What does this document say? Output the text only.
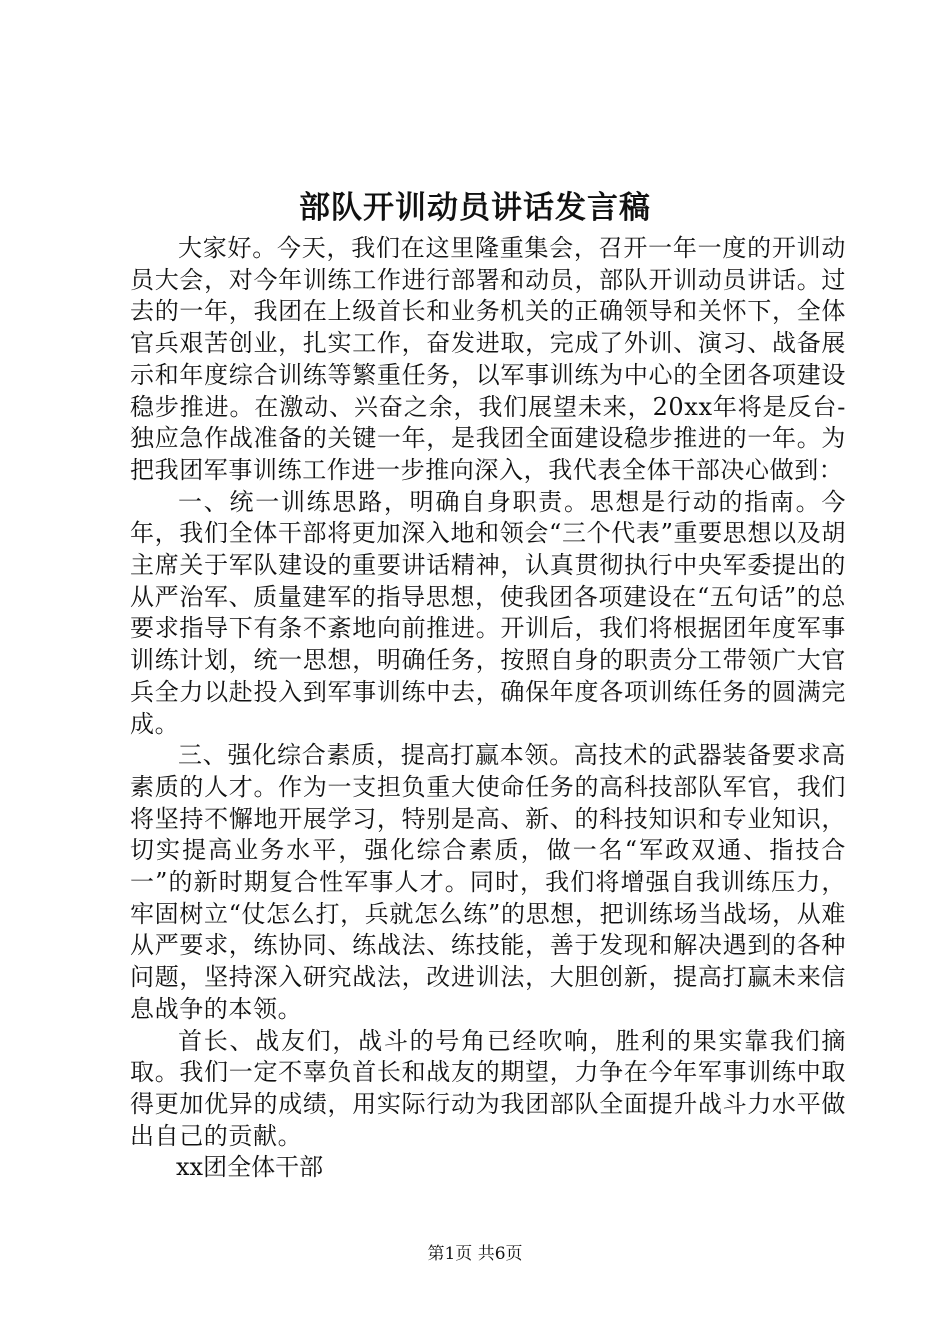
部队开训动员讲话发言稿

大家好。今天，我们在这里隆重集会，召开一年一度的开训动员大会，对今年训练工作进行部署和动员，部队开训动员讲话。过去的一年，我团在上级首长和业务机关的正确领导和关怀下，全体官兵艰苦创业，扎实工作，奋发进取，完成了外训、演习、战备展示和年度综合训练等繁重任务，以军事训练为中心的全团各项建设稳步推进。在激动、兴奋之余，我们展望未来，20xx年将是反台-独应急作战准备的关键一年，是我团全面建设稳步推进的一年。为把我团军事训练工作进一步推向深入，我代表全体干部决心做到：

一、统一训练思路，明确自身职责。思想是行动的指南。今年，我们全体干部将更加深入地和领会“三个代表”重要思想以及胡主席关于军队建设的重要讲话精神，认真贯彻执行中央军委提出的从严治军、质量建军的指导思想，使我团各项建设在“五句话”的总要求指导下有条不紊地向前推进。开训后，我们将根据团年度军事训练计划，统一思想，明确任务，按照自身的职责分工带领广大官兵全力以赴投入到军事训练中去，确保年度各项训练任务的圆满完成。

三、强化综合素质，提高打赢本领。高技术的武器装备要求高素质的人才。作为一支担负重大使命任务的高科技部队军官，我们将坚持不懈地开展学习，特别是高、新、的科技知识和专业知识，切实提高业务水平，强化综合素质，做一名“军政双通、指技合一”的新时期复合性军事人才。同时，我们将增强自我训练压力，牢固树立“仗怎么打，兵就怎么练”的思想，把训练场当战场，从难从严要求，练协同、练战法、练技能，善于发现和解决遇到的各种问题，坚持深入研究战法，改进训法，大胆创新，提高打赢未来信息战争的本领。

首长、战友们，战斗的号角已经吹响，胜利的果实靠我们摘取。我们一定不辜负首长和战友的期望，力争在今年军事训练中取得更加优异的成绩，用实际行动为我团部队全面提升战斗力水平做出自己的贡献。

xx团全体干部

第1页 共6页
